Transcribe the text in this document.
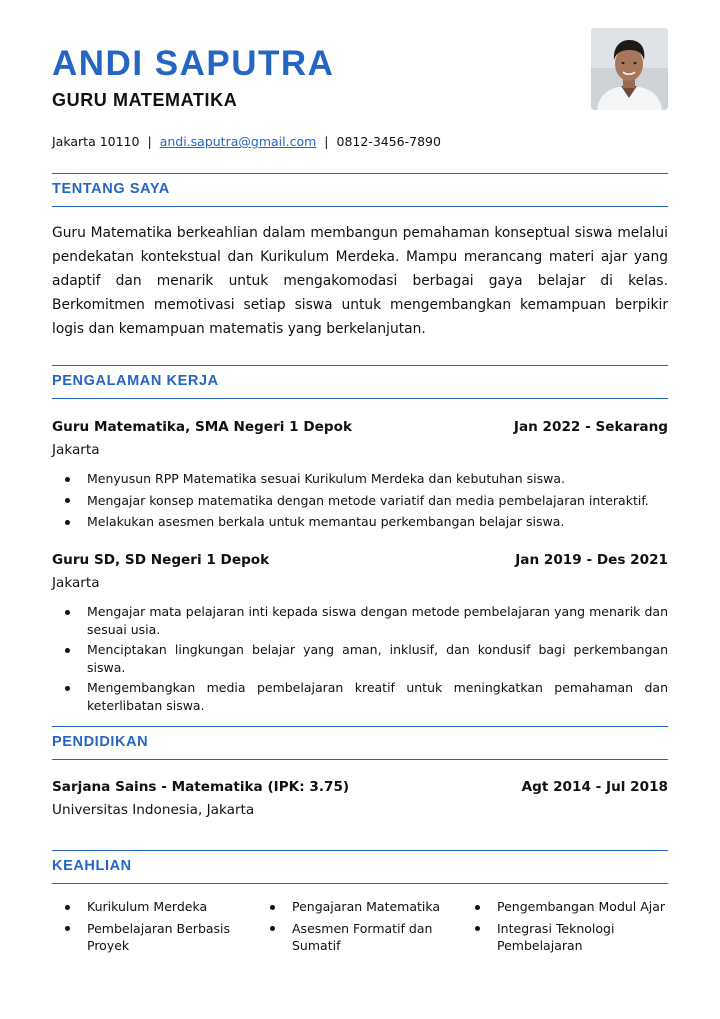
ANDI SAPUTRA
GURU MATEMATIKA
Jakarta 10110 | andi.saputra@gmail.com | 0812-3456-7890
TENTANG SAYA

Guru Matematika berkeahlian dalam membangun pemahaman konseptual siswa melalui pendekatan kontekstual dan Kurikulum Merdeka. Mampu merancang materi ajar yang adaptif dan menarik untuk mengakomodasi berbagai gaya belajar di kelas. Berkomitmen memotivasi setiap siswa untuk mengembangkan kemampuan berpikir logis dan kemampuan matematis yang berkelanjutan.

PENGALAMAN KERJA
Guru Matematika, SMA Negeri 1 Depok	Jan 2022 - Sekarang
Jakarta
Menyusun RPP Matematika sesuai Kurikulum Merdeka dan kebutuhan siswa.
Mengajar konsep matematika dengan metode variatif dan media pembelajaran interaktif.
Melakukan asesmen berkala untuk memantau perkembangan belajar siswa.
Guru SD, SD Negeri 1 Depok	Jan 2019 - Des 2021
Jakarta
Mengajar mata pelajaran inti kepada siswa dengan metode pembelajaran yang menarik dan sesuai usia.
Menciptakan lingkungan belajar yang aman, inklusif, dan kondusif bagi perkembangan siswa.
Mengembangkan media pembelajaran kreatif untuk meningkatkan pemahaman dan keterlibatan siswa.
PENDIDIKAN
Sarjana Sains - Matematika (IPK: 3.75)	Agt 2014 - Jul 2018
Universitas Indonesia, Jakarta
KEAHLIAN
Kurikulum Merdeka	Pengajaran Matematika	Pengembangan Modul Ajar
Pembelajaran Berbasis Proyek
Asesmen Formatif dan Sumatif
Integrasi Teknologi Pembelajaran
